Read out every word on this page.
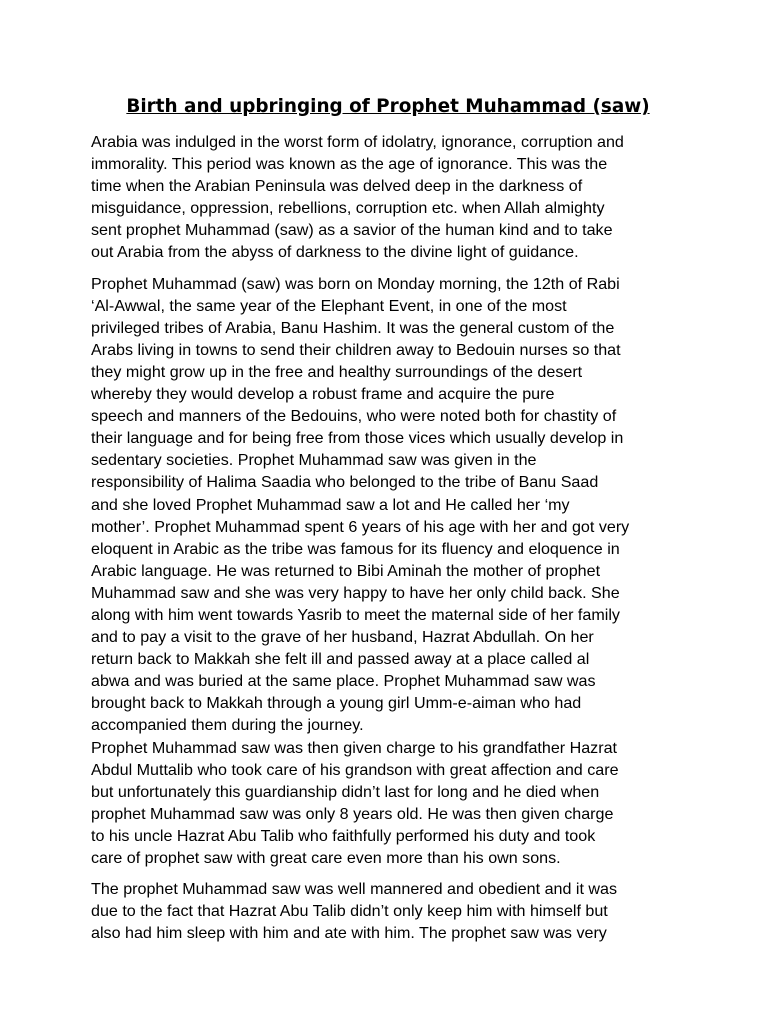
Birth and upbringing of Prophet Muhammad (saw)

Arabia was indulged in the worst form of idolatry, ignorance, corruption and
immorality. This period was known as the age of ignorance. This was the
time when the Arabian Peninsula was delved deep in the darkness of
misguidance, oppression, rebellions, corruption etc. when Allah almighty
sent prophet Muhammad (saw) as a savior of the human kind and to take
out Arabia from the abyss of darkness to the divine light of guidance.

Prophet Muhammad (saw) was born on Monday morning, the 12th of Rabi
‘Al-Awwal, the same year of the Elephant Event, in one of the most
privileged tribes of Arabia, Banu Hashim. It was the general custom of the
Arabs living in towns to send their children away to Bedouin nurses so that
they might grow up in the free and healthy surroundings of the desert
whereby they would develop a robust frame and acquire the pure
speech and manners of the Bedouins, who were noted both for chastity of
their language and for being free from those vices which usually develop in
sedentary societies. Prophet Muhammad saw was given in the
responsibility of Halima Saadia who belonged to the tribe of Banu Saad
and she loved Prophet Muhammad saw a lot and He called her ‘my
mother’. Prophet Muhammad spent 6 years of his age with her and got very
eloquent in Arabic as the tribe was famous for its fluency and eloquence in
Arabic language. He was returned to Bibi Aminah the mother of prophet
Muhammad saw and she was very happy to have her only child back. She
along with him went towards Yasrib to meet the maternal side of her family
and to pay a visit to the grave of her husband, Hazrat Abdullah. On her
return back to Makkah she felt ill and passed away at a place called al
abwa and was buried at the same place. Prophet Muhammad saw was
brought back to Makkah through a young girl Umm-e-aiman who had
accompanied them during the journey.

Prophet Muhammad saw was then given charge to his grandfather Hazrat
Abdul Muttalib who took care of his grandson with great affection and care
but unfortunately this guardianship didn’t last for long and he died when
prophet Muhammad saw was only 8 years old. He was then given charge
to his uncle Hazrat Abu Talib who faithfully performed his duty and took
care of prophet saw with great care even more than his own sons.

The prophet Muhammad saw was well mannered and obedient and it was
due to the fact that Hazrat Abu Talib didn’t only keep him with himself but
also had him sleep with him and ate with him. The prophet saw was very
